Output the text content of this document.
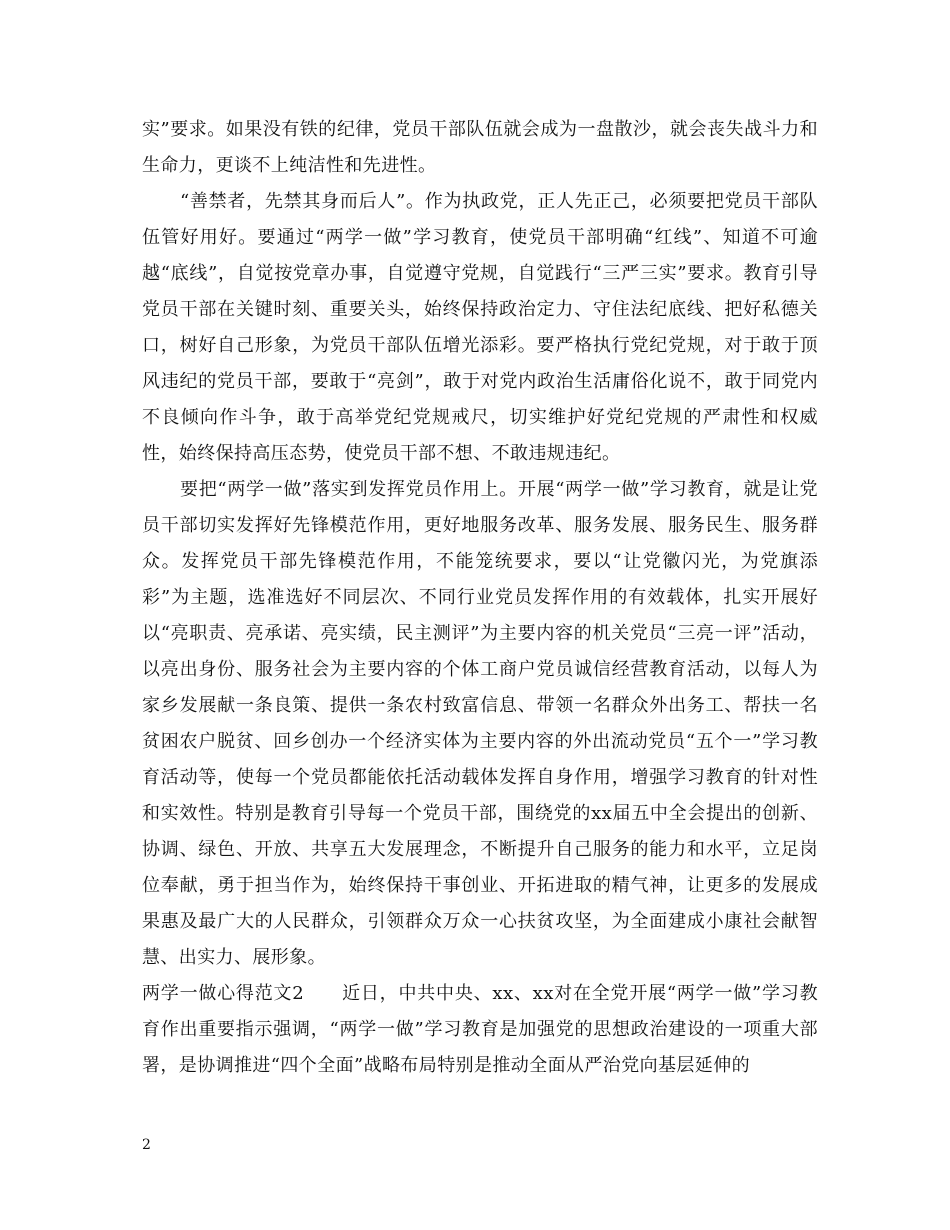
实”要求。如果没有铁的纪律，党员干部队伍就会成为一盘散沙，就会丧失战斗力和生命力，更谈不上纯洁性和先进性。

“善禁者，先禁其身而后人”。作为执政党，正人先正己，必须要把党员干部队伍管好用好。要通过“两学一做”学习教育，使党员干部明确“红线”、知道不可逾越“底线”，自觉按党章办事，自觉遵守党规，自觉践行“三严三实”要求。教育引导党员干部在关键时刻、重要关头，始终保持政治定力、守住法纪底线、把好私德关口，树好自己形象，为党员干部队伍增光添彩。要严格执行党纪党规，对于敢于顶风违纪的党员干部，要敢于“亮剑”，敢于对党内政治生活庸俗化说不，敢于同党内不良倾向作斗争，敢于高举党纪党规戒尺，切实维护好党纪党规的严肃性和权威性，始终保持高压态势，使党员干部不想、不敢违规违纪。

要把“两学一做”落实到发挥党员作用上。开展“两学一做”学习教育，就是让党员干部切实发挥好先锋模范作用，更好地服务改革、服务发展、服务民生、服务群众。发挥党员干部先锋模范作用，不能笼统要求，要以“让党徽闪光，为党旗添彩”为主题，选准选好不同层次、不同行业党员发挥作用的有效载体，扎实开展好以“亮职责、亮承诺、亮实绩，民主测评”为主要内容的机关党员“三亮一评”活动，以亮出身份、服务社会为主要内容的个体工商户党员诚信经营教育活动，以每人为家乡发展献一条良策、提供一条农村致富信息、带领一名群众外出务工、帮扶一名贫困农户脱贫、回乡创办一个经济实体为主要内容的外出流动党员“五个一”学习教育活动等，使每一个党员都能依托活动载体发挥自身作用，增强学习教育的针对性和实效性。特别是教育引导每一个党员干部，围绕党的xx届五中全会提出的创新、协调、绿色、开放、共享五大发展理念，不断提升自己服务的能力和水平，立足岗位奉献，勇于担当作为，始终保持干事创业、开拓进取的精气神，让更多的发展成果惠及最广大的人民群众，引领群众万众一心扶贫攻坚，为全面建成小康社会献智慧、出实力、展形象。

两学一做心得范文2　　近日，中共中央、xx、xx对在全党开展“两学一做”学习教育作出重要指示强调，“两学一做”学习教育是加强党的思想政治建设的一项重大部署，是协调推进“四个全面”战略布局特别是推动全面从严治党向基层延伸的

2
